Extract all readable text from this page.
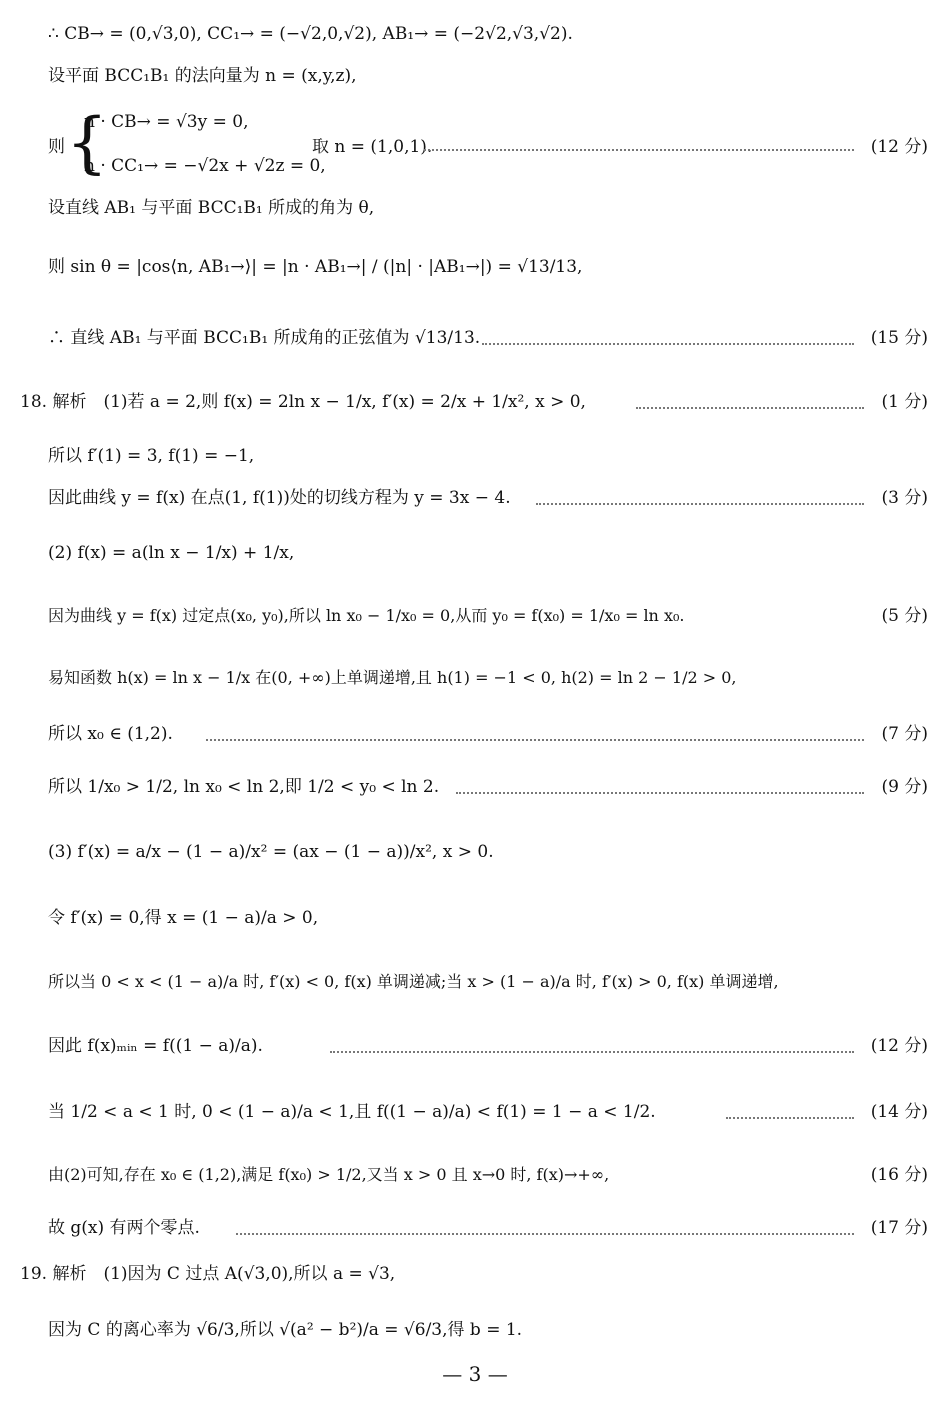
∴ CB→ = (0,√3,0), CC₁→ = (−√2,0,√2), AB₁→ = (−2√2,√3,√2).
设平面 BCC₁B₁ 的法向量为 n = (x,y,z),
则 {
n · CB→ = √3y = 0,
n · CC₁→ = −√2x + √2z = 0,
取 n = (1,0,1).	(12 分)
设直线 AB₁ 与平面 BCC₁B₁ 所成的角为 θ,
则 sin θ = |cos⟨n, AB₁→⟩| = |n · AB₁→| / (|n| · |AB₁→|) = √13/13,
∴ 直线 AB₁ 与平面 BCC₁B₁ 所成角的正弦值为 √13/13.	(15 分)
18. 解析　(1)若 a = 2,则 f(x) = 2ln x − 1/x, f′(x) = 2/x + 1/x², x > 0,	(1 分)
所以 f′(1) = 3, f(1) = −1,
因此曲线 y = f(x) 在点(1, f(1))处的切线方程为 y = 3x − 4.	(3 分)
(2) f(x) = a(ln x − 1/x) + 1/x,
因为曲线 y = f(x) 过定点(x₀, y₀),所以 ln x₀ − 1/x₀ = 0,从而 y₀ = f(x₀) = 1/x₀ = ln x₀.	(5 分)
易知函数 h(x) = ln x − 1/x 在(0, +∞)上单调递增,且 h(1) = −1 < 0, h(2) = ln 2 − 1/2 > 0,
所以 x₀ ∈ (1,2).	(7 分)
所以 1/x₀ > 1/2, ln x₀ < ln 2,即 1/2 < y₀ < ln 2.	(9 分)
(3) f′(x) = a/x − (1 − a)/x² = (ax − (1 − a))/x², x > 0.
令 f′(x) = 0,得 x = (1 − a)/a > 0,
所以当 0 < x < (1 − a)/a 时, f′(x) < 0, f(x) 单调递减;当 x > (1 − a)/a 时, f′(x) > 0, f(x) 单调递增,
因此 f(x)ₘᵢₙ = f((1 − a)/a).	(12 分)
当 1/2 < a < 1 时, 0 < (1 − a)/a < 1,且 f((1 − a)/a) < f(1) = 1 − a < 1/2.	(14 分)
由(2)可知,存在 x₀ ∈ (1,2),满足 f(x₀) > 1/2,又当 x > 0 且 x→0 时, f(x)→+∞,	(16 分)
故 g(x) 有两个零点.	(17 分)
19. 解析　(1)因为 C 过点 A(√3,0),所以 a = √3,
因为 C 的离心率为 √6/3,所以 √(a² − b²)/a = √6/3,得 b = 1.
— 3 —
